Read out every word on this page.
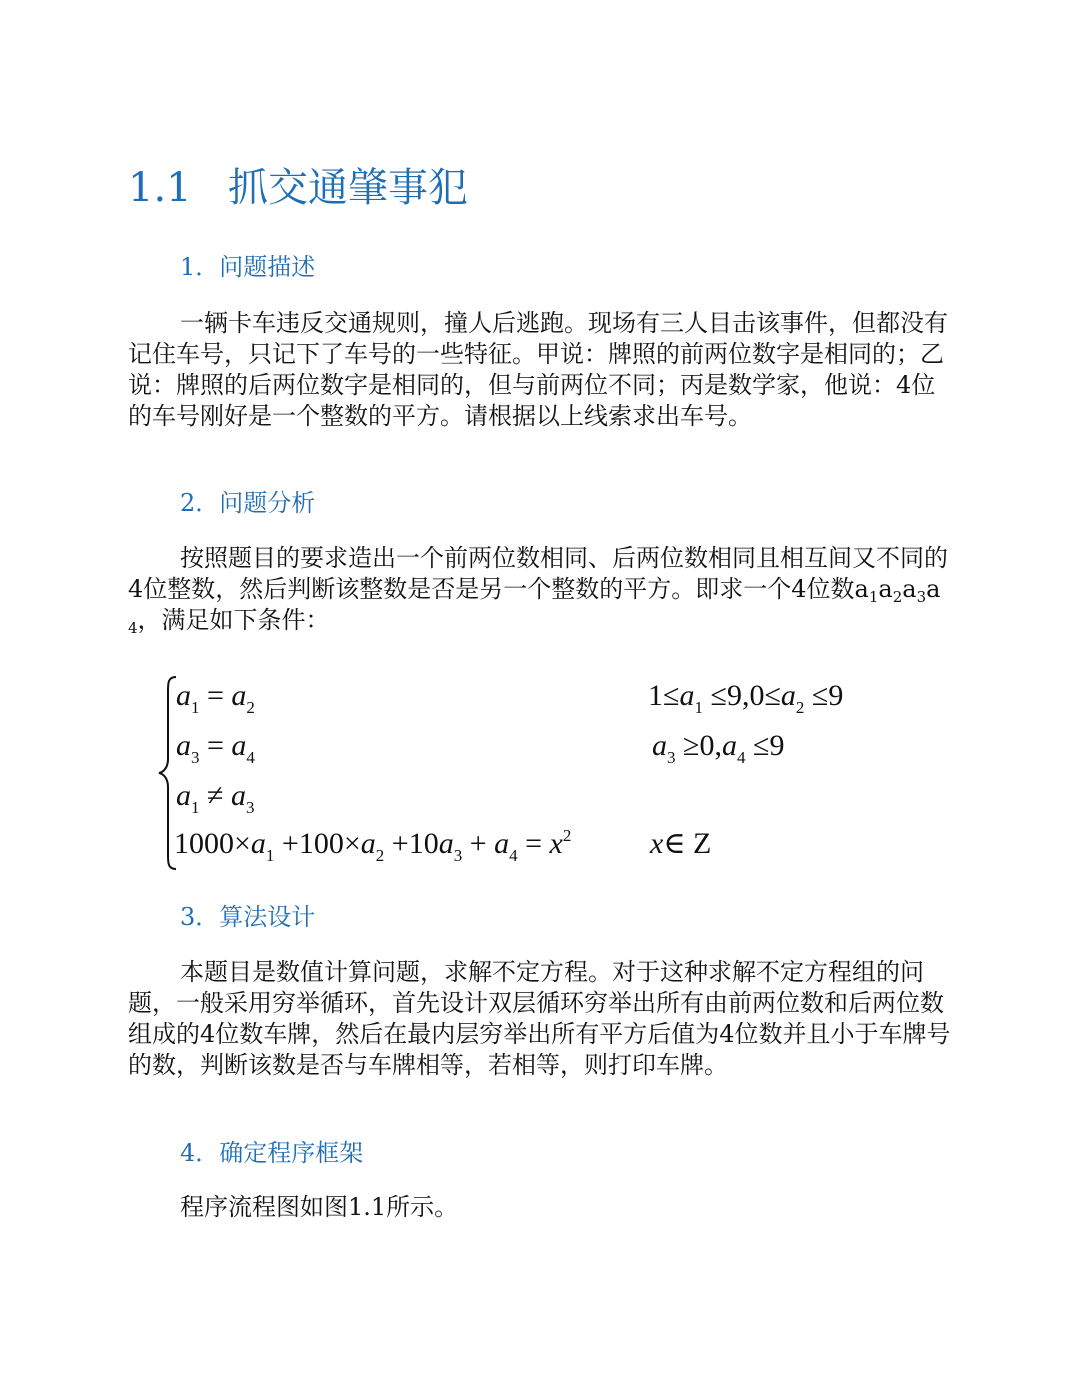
1.1 抓交通肇事犯
1．问题描述
一辆卡车违反交通规则，撞人后逃跑。现场有三人目击该事件，但都没有记住车号，只记下了车号的一些特征。甲说：牌照的前两位数字是相同的；乙说：牌照的后两位数字是相同的，但与前两位不同；丙是数学家，他说：4位的车号刚好是一个整数的平方。请根据以上线索求出车号。
2．问题分析
按照题目的要求造出一个前两位数相同、后两位数相同且相互间又不同的4位整数，然后判断该整数是否是另一个整数的平方。即求一个4位数$a_1a_2a_3a_4$，满足如下条件：
$a_1 = a_2$
$a_3 = a_4$
$a_1 \ne a_3$
$1000\times a_1 +100\times a_2 +10a_3 + a_4 = x^2$
$1\le a_1 \le 9,0\le a_2 \le 9$
$a_3 \ge 0,a_4 \le 9$
x∈ Z
3．算法设计
本题目是数值计算问题，求解不定方程。对于这种求解不定方程组的问题，一般采用穷举循环，首先设计双层循环穷举出所有由前两位数和后两位数组成的4位数车牌，然后在最内层穷举出所有平方后值为4位数并且小于车牌号的数，判断该数是否与车牌相等，若相等，则打印车牌。
4．确定程序框架
程序流程图如图1.1所示。
